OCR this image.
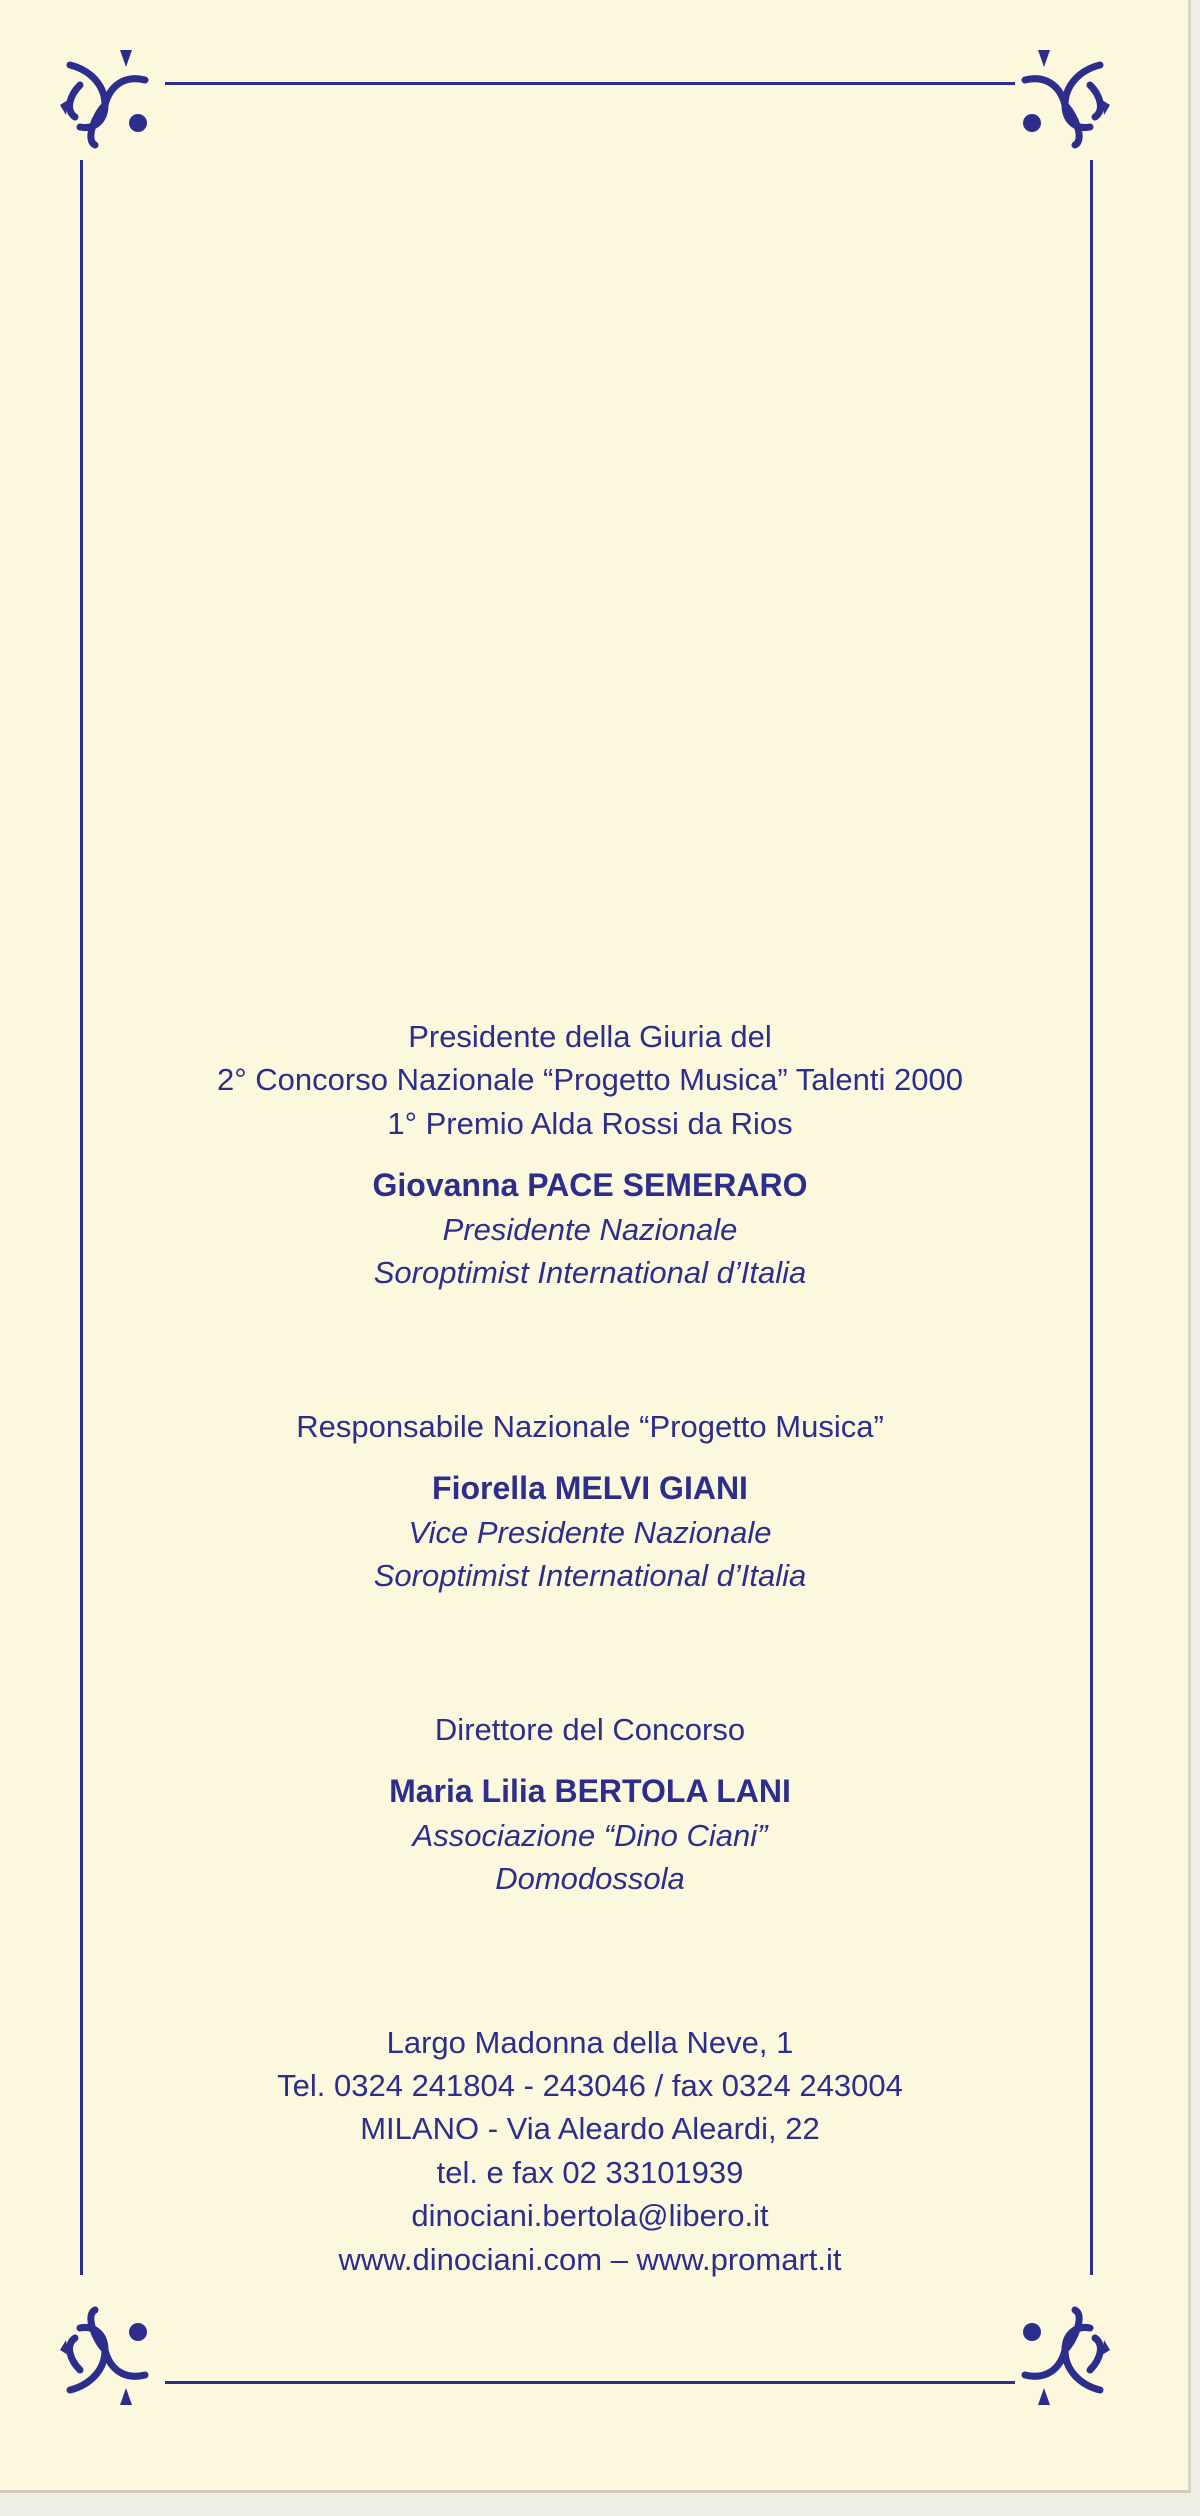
Presidente della Giuria del
2° Concorso Nazionale “Progetto Musica” Talenti 2000
1° Premio Alda Rossi da Rios
Giovanna PACE SEMERARO
Presidente Nazionale
Soroptimist International d’Italia
Responsabile Nazionale “Progetto Musica”
Fiorella MELVI GIANI
Vice Presidente Nazionale
Soroptimist International d’Italia
Direttore del Concorso
Maria Lilia BERTOLA LANI
Associazione “Dino Ciani”
Domodossola
Largo Madonna della Neve, 1
Tel. 0324 241804 - 243046 / fax 0324 243004
MILANO - Via Aleardo Aleardi, 22
tel. e fax 02 33101939
dinociani.bertola@libero.it
www.dinociani.com – www.promart.it
